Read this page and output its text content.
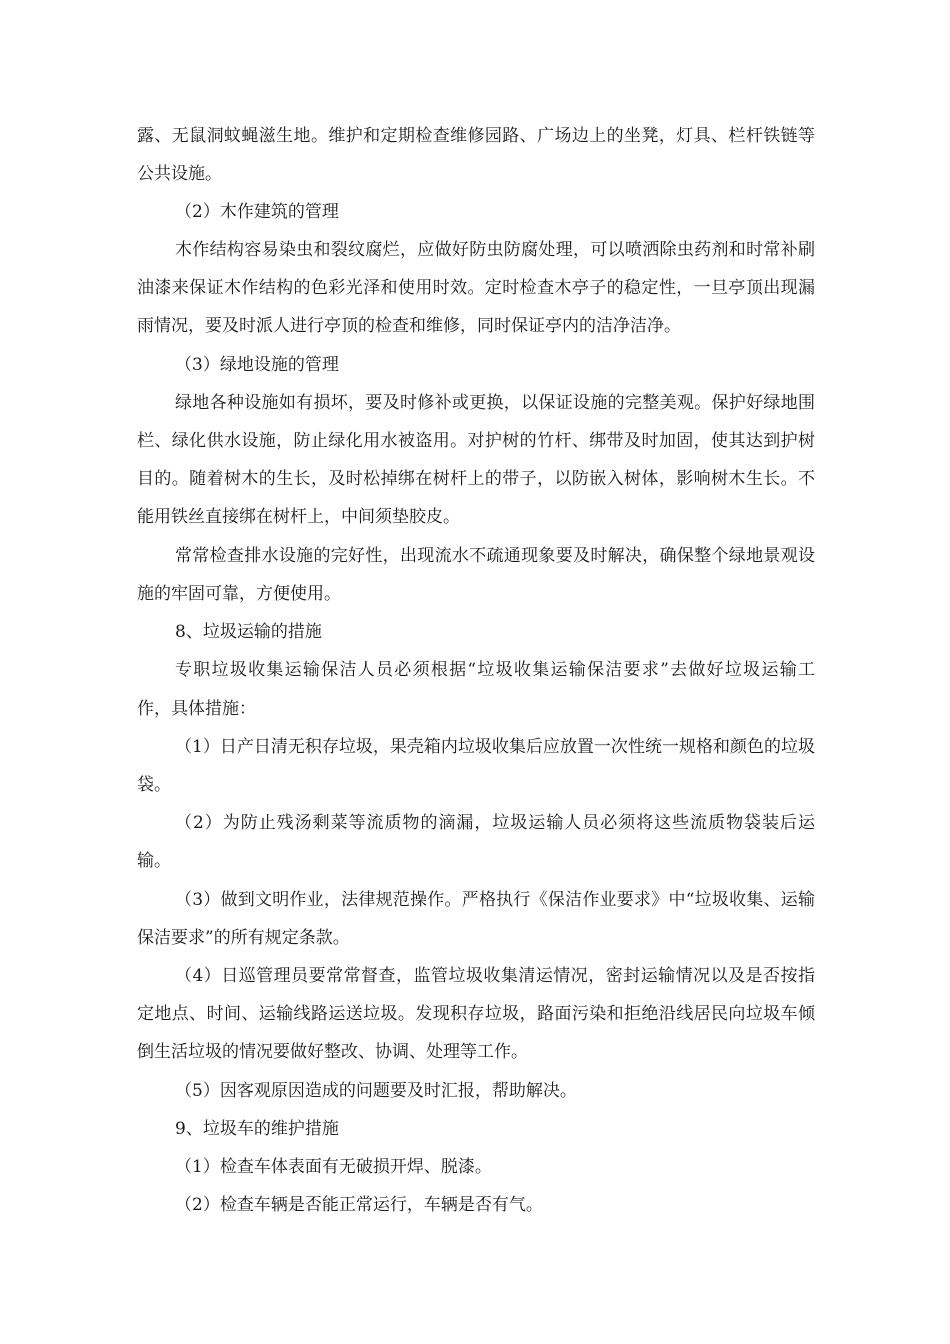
露、无鼠洞蚊蝇滋生地。维护和定期检查维修园路、广场边上的坐凳，灯具、栏杆铁链等
公共设施。
（2）木作建筑的管理
木作结构容易染虫和裂纹腐烂，应做好防虫防腐处理，可以喷洒除虫药剂和时常补刷
油漆来保证木作结构的色彩光泽和使用时效。定时检查木亭子的稳定性，一旦亭顶出现漏
雨情况，要及时派人进行亭顶的检查和维修，同时保证亭内的洁净洁净。
（3）绿地设施的管理
绿地各种设施如有损坏，要及时修补或更换，以保证设施的完整美观。保护好绿地围
栏、绿化供水设施，防止绿化用水被盗用。对护树的竹杆、绑带及时加固，使其达到护树
目的。随着树木的生长，及时松掉绑在树杆上的带子，以防嵌入树体，影响树木生长。不
能用铁丝直接绑在树杆上，中间须垫胶皮。
常常检查排水设施的完好性，出现流水不疏通现象要及时解决，确保整个绿地景观设
施的牢固可靠，方便使用。
8、垃圾运输的措施
专职垃圾收集运输保洁人员必须根据“垃圾收集运输保洁要求”去做好垃圾运输工
作，具体措施：
（1）日产日清无积存垃圾，果壳箱内垃圾收集后应放置一次性统一规格和颜色的垃圾
袋。
（2）为防止残汤剩菜等流质物的滴漏，垃圾运输人员必须将这些流质物袋装后运
输。
（3）做到文明作业，法律规范操作。严格执行《保洁作业要求》中“垃圾收集、运输
保洁要求”的所有规定条款。
（4）日巡管理员要常常督查，监管垃圾收集清运情况，密封运输情况以及是否按指
定地点、时间、运输线路运送垃圾。发现积存垃圾，路面污染和拒绝沿线居民向垃圾车倾
倒生活垃圾的情况要做好整改、协调、处理等工作。
（5）因客观原因造成的问题要及时汇报，帮助解决。
9、垃圾车的维护措施
（1）检查车体表面有无破损开焊、脱漆。
（2）检查车辆是否能正常运行，车辆是否有气。
